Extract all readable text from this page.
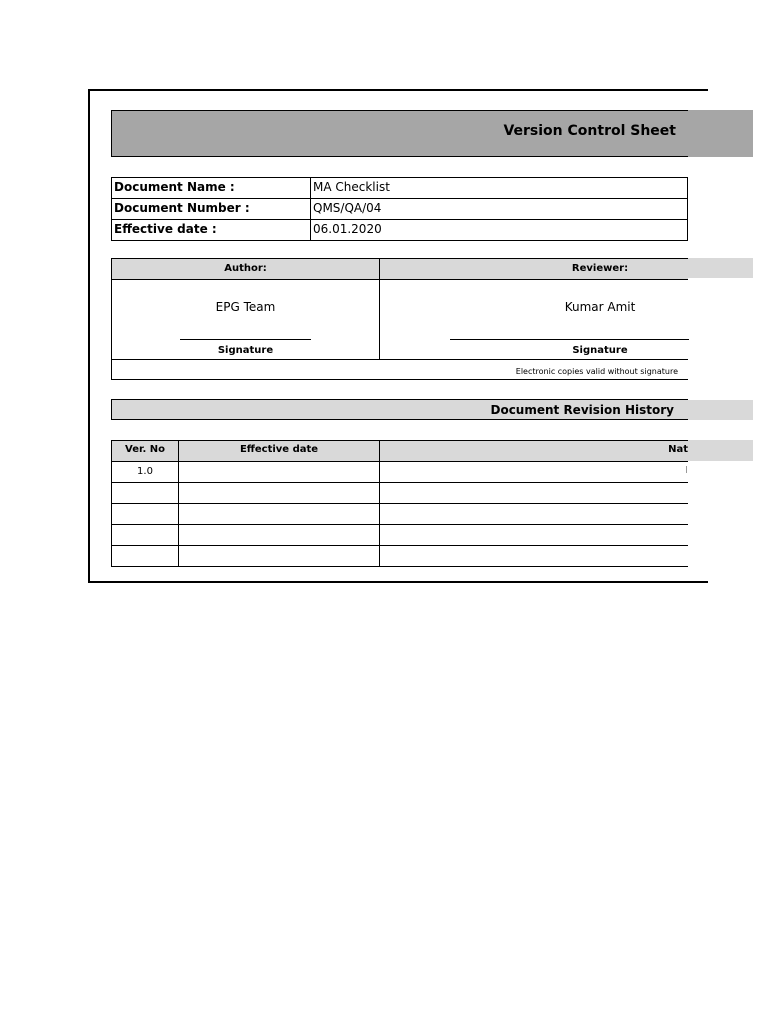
Version Control Sheet
Document Name :	MA Checklist
Document Number :	QMS/QA/04
Effective date :	06.01.2020
Author:	Reviewer:
EPG Team	Kumar Amit
Signature	Signature
Electronic copies valid without signature
Document Revision History
Ver. No	Effective date	Nat
1.0
